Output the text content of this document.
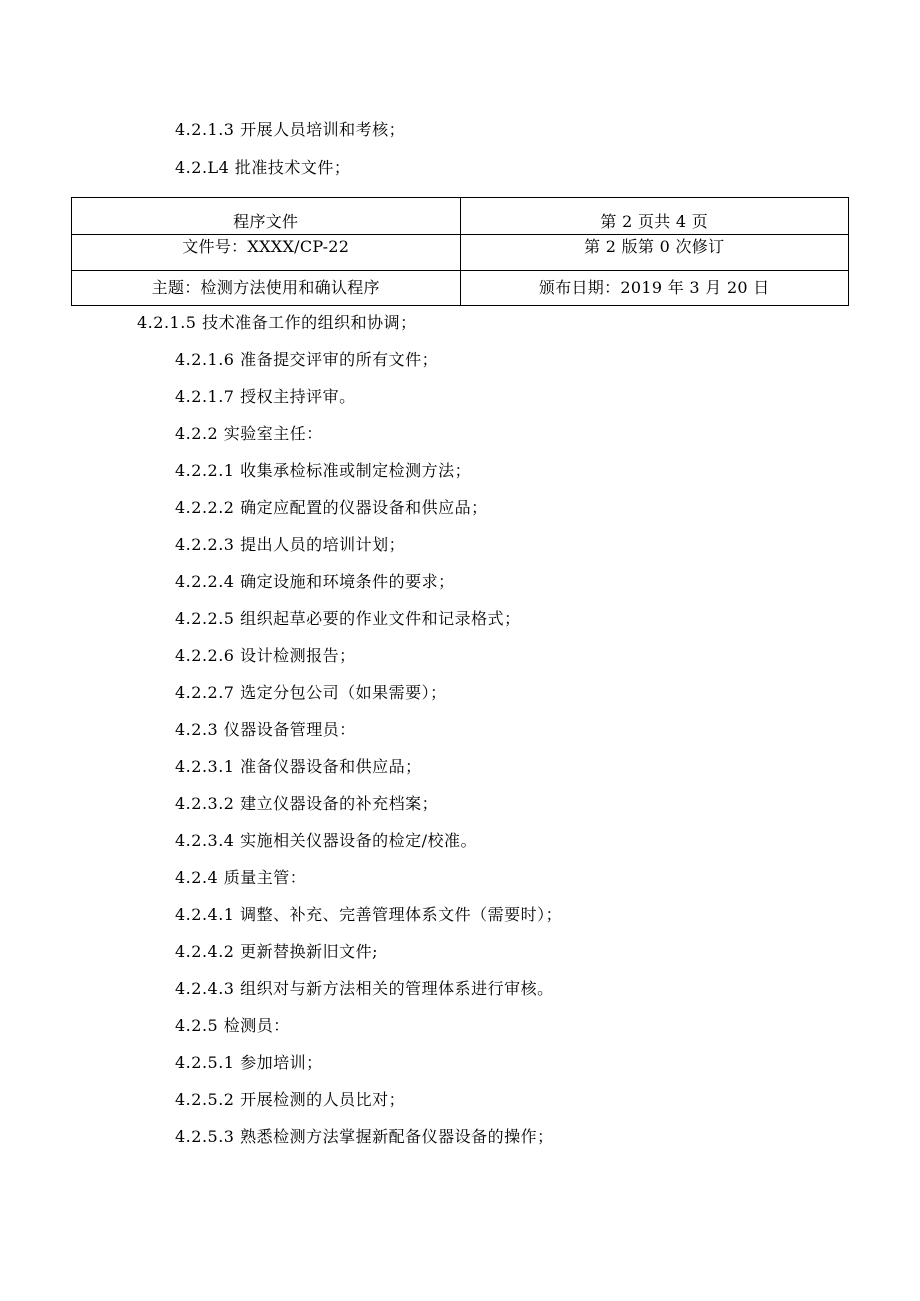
4.2.1.3 开展人员培训和考核；
4.2.L4 批准技术文件；
程序文件	第 2 页共 4 页
文件号：XXXX/CP-22	第 2 版第 0 次修订
主题：检测方法使用和确认程序	颁布日期：2019 年 3 月 20 日
4.2.1.5 技术准备工作的组织和协调；
4.2.1.6 准备提交评审的所有文件；
4.2.1.7 授权主持评审。
4.2.2 实验室主任：
4.2.2.1 收集承检标准或制定检测方法；
4.2.2.2 确定应配置的仪器设备和供应品；
4.2.2.3 提出人员的培训计划；
4.2.2.4 确定设施和环境条件的要求；
4.2.2.5 组织起草必要的作业文件和记录格式；
4.2.2.6 设计检测报告；
4.2.2.7 选定分包公司（如果需要）；
4.2.3 仪器设备管理员：
4.2.3.1 准备仪器设备和供应品；
4.2.3.2 建立仪器设备的补充档案；
4.2.3.4 实施相关仪器设备的检定/校准。
4.2.4 质量主管：
4.2.4.1 调整、补充、完善管理体系文件（需要时）；
4.2.4.2 更新替换新旧文件;
4.2.4.3 组织对与新方法相关的管理体系进行审核。
4.2.5 检测员：
4.2.5.1 参加培训；
4.2.5.2 开展检测的人员比对；
4.2.5.3 熟悉检测方法掌握新配备仪器设备的操作；
